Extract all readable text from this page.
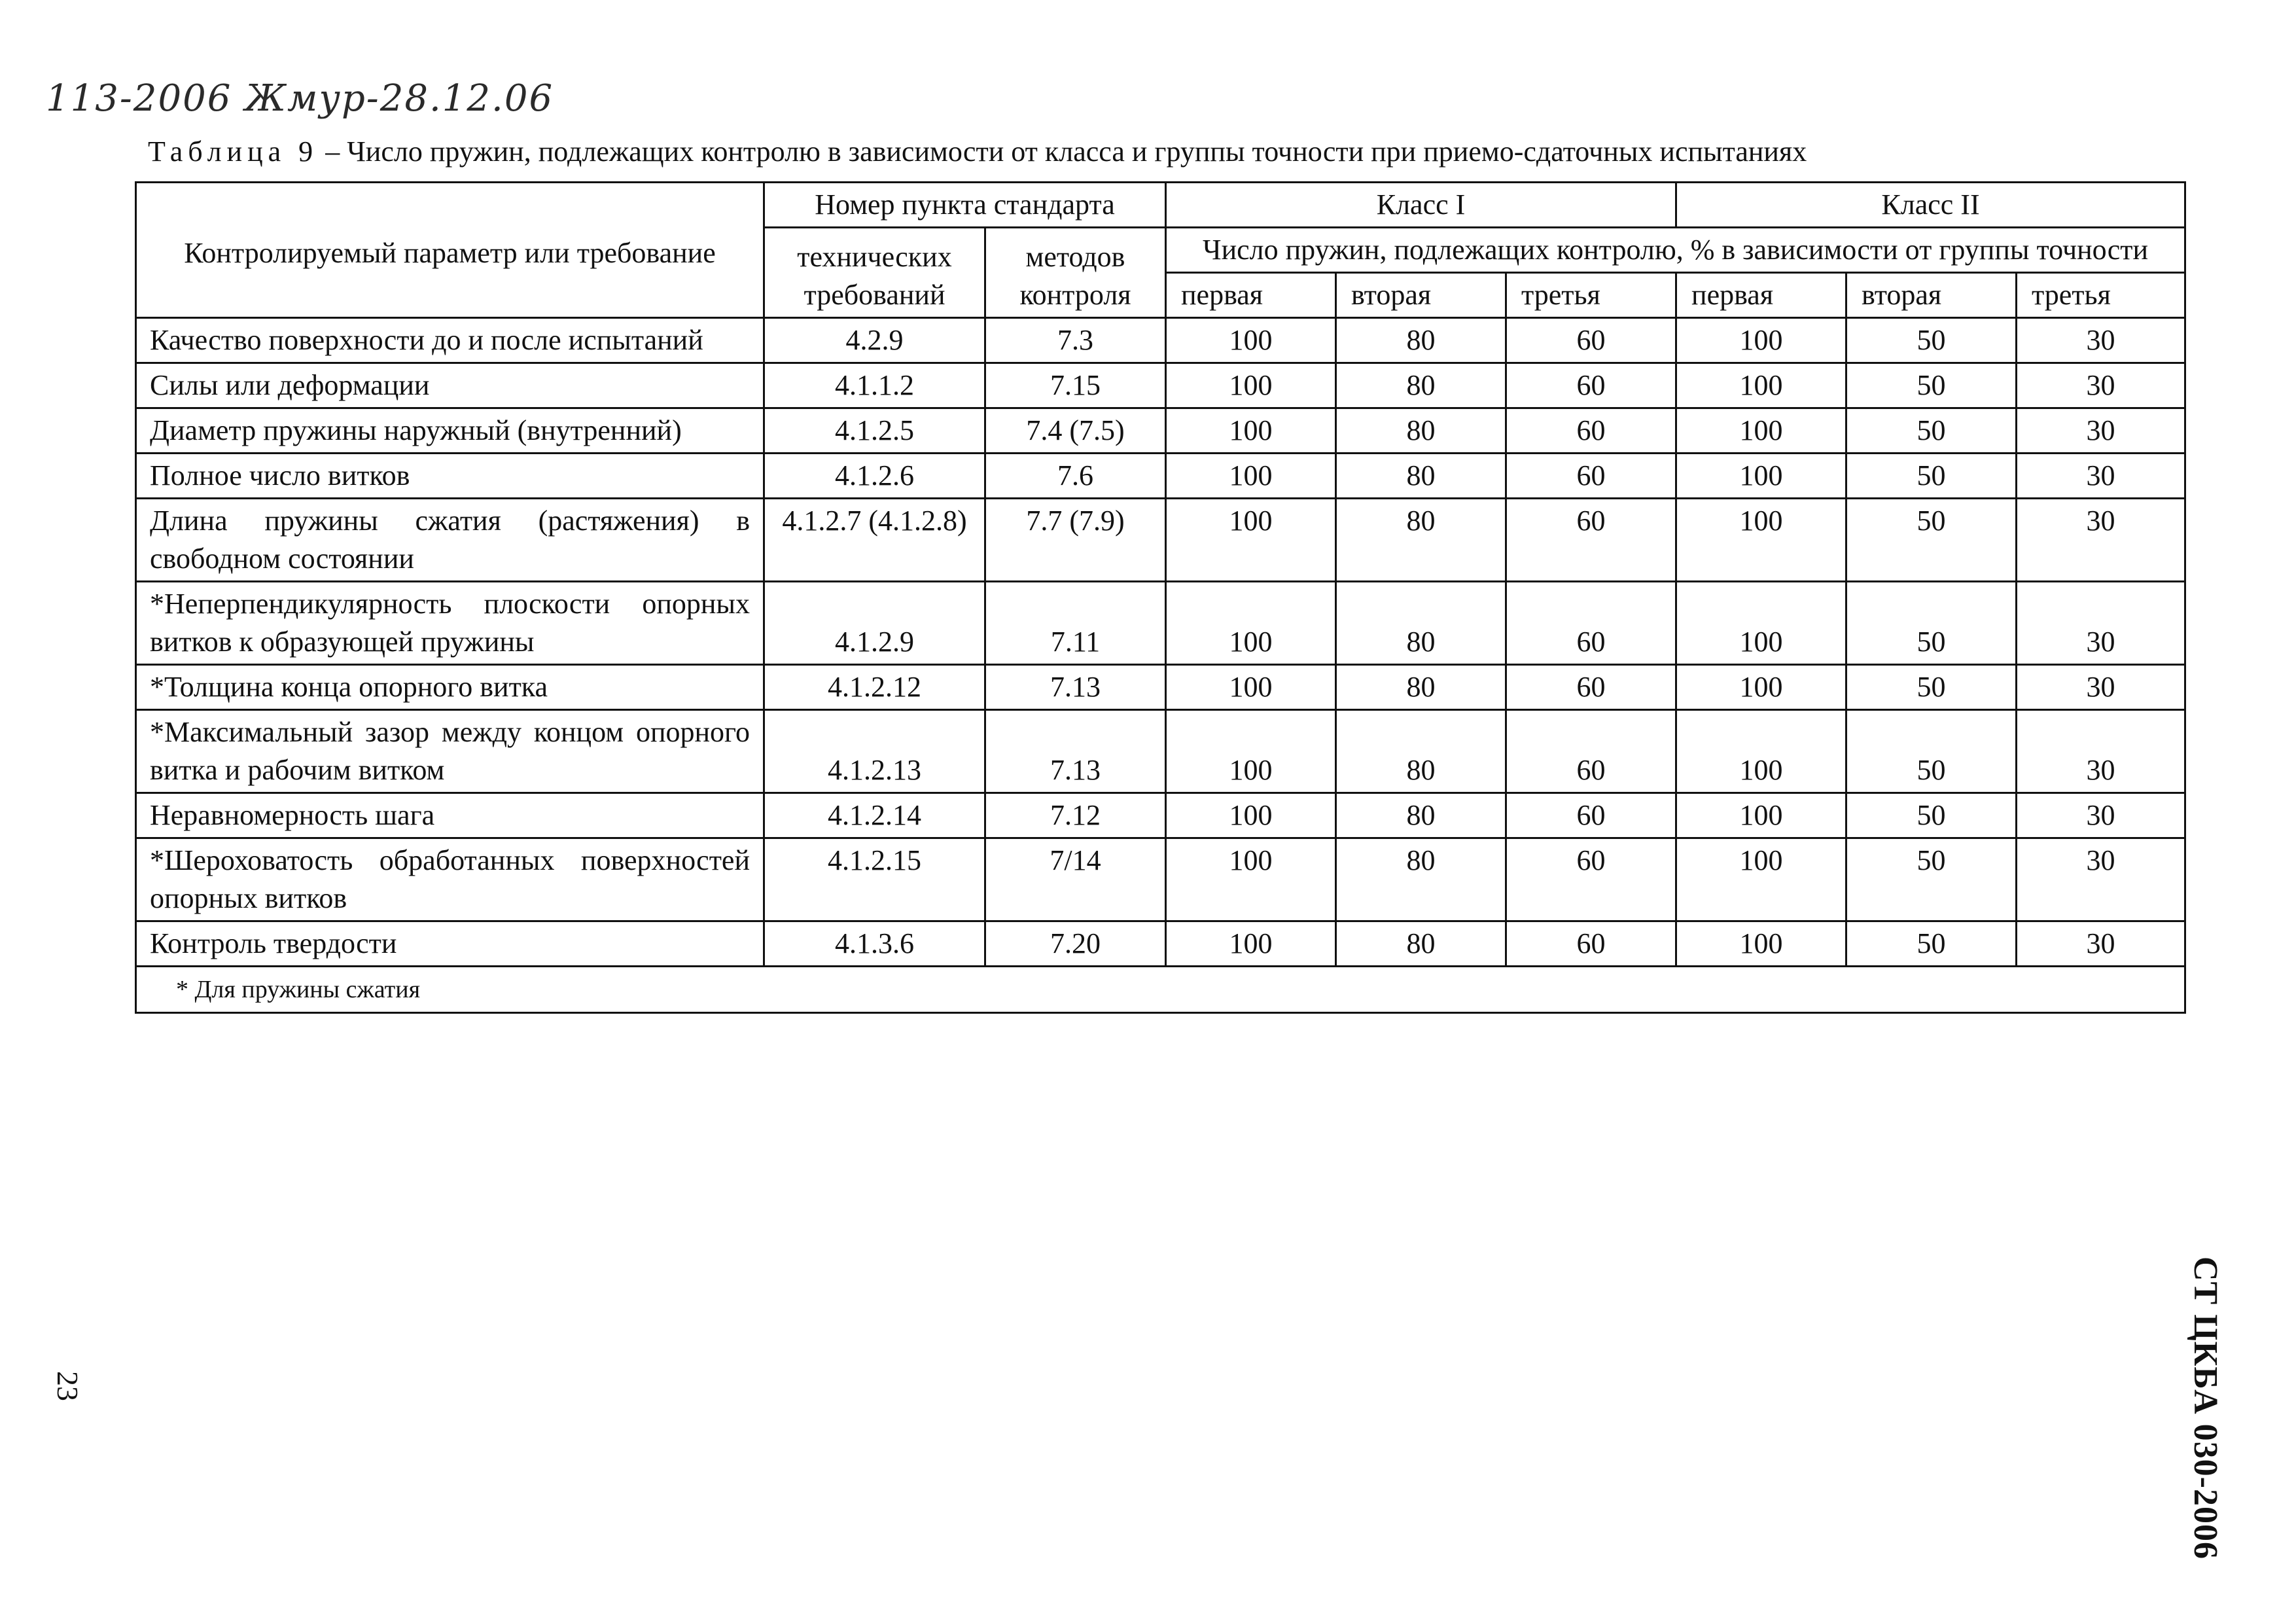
113-2006 Жмур-28.12.06
Таблица 9 – Число пружин, подлежащих контролю в зависимости от класса и группы точности при приемо-сдаточных испытаниях
Контролируемый параметр или требование	Номер пункта стандарта		Класс I			Класс II		
	технических требований	методов контроля	Число пружин, подлежащих контролю, % в зависимости от группы точности					
			первая	вторая	третья	первая	вторая	третья
Качество поверхности до и после испытаний	4.2.9	7.3	100	80	60	100	50	30
Силы или деформации	4.1.1.2	7.15	100	80	60	100	50	30
Диаметр пружины наружный (внутренний)	4.1.2.5	7.4 (7.5)	100	80	60	100	50	30
Полное число витков	4.1.2.6	7.6	100	80	60	100	50	30
Длина пружины сжатия (растяжения) в свободном состоянии	4.1.2.7 (4.1.2.8)	7.7 (7.9)	100	80	60	100	50	30
*Неперпендикулярность плоскости опорных витков к образующей пружины	4.1.2.9	7.11	100	80	60	100	50	30
*Толщина конца опорного витка	4.1.2.12	7.13	100	80	60	100	50	30
*Максимальный зазор между концом опорного витка и рабочим витком	4.1.2.13	7.13	100	80	60	100	50	30
Неравномерность шага	4.1.2.14	7.12	100	80	60	100	50	30
*Шероховатость обработанных поверхностей опорных витков	4.1.2.15	7/14	100	80	60	100	50	30
Контроль твердости	4.1.3.6	7.20	100	80	60	100	50	30
* Для пружины сжатия								
СТ ЦКБА 030-2006
23
